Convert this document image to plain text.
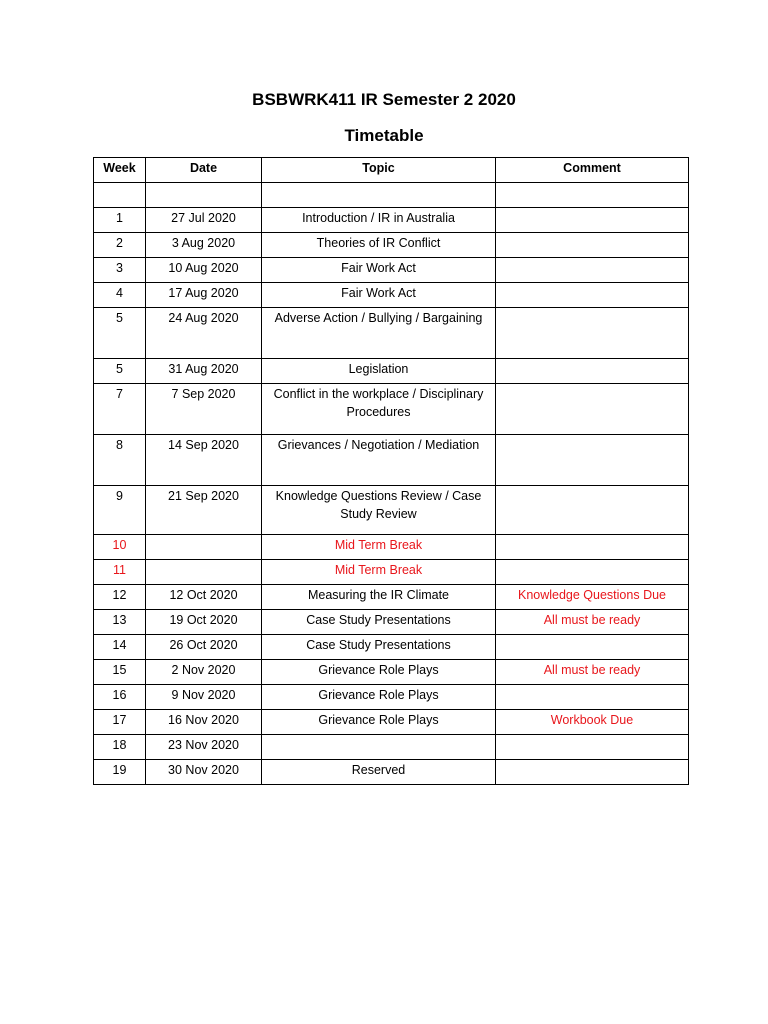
BSBWRK411 IR Semester 2 2020
Timetable
Week	Date	Topic	Comment

1	27 Jul 2020	Introduction / IR in Australia	
2	3 Aug 2020	Theories of IR Conflict	
3	10 Aug 2020	Fair Work Act	
4	17 Aug 2020	Fair Work Act	
5	24 Aug 2020	Adverse Action / Bullying / Bargaining	
5	31 Aug 2020	Legislation	
7	7 Sep 2020	Conflict in the workplace / Disciplinary Procedures	
8	14 Sep 2020	Grievances / Negotiation / Mediation	
9	21 Sep 2020	Knowledge Questions Review / Case Study Review	
10		Mid Term Break	
11		Mid Term Break	
12	12 Oct 2020	Measuring the IR Climate	Knowledge Questions Due
13	19 Oct 2020	Case Study Presentations	All must be ready
14	26 Oct 2020	Case Study Presentations	
15	2 Nov 2020	Grievance Role Plays	All must be ready
16	9 Nov 2020	Grievance Role Plays	
17	16 Nov 2020	Grievance Role Plays	Workbook Due
18	23 Nov 2020		
19	30 Nov 2020	Reserved	
